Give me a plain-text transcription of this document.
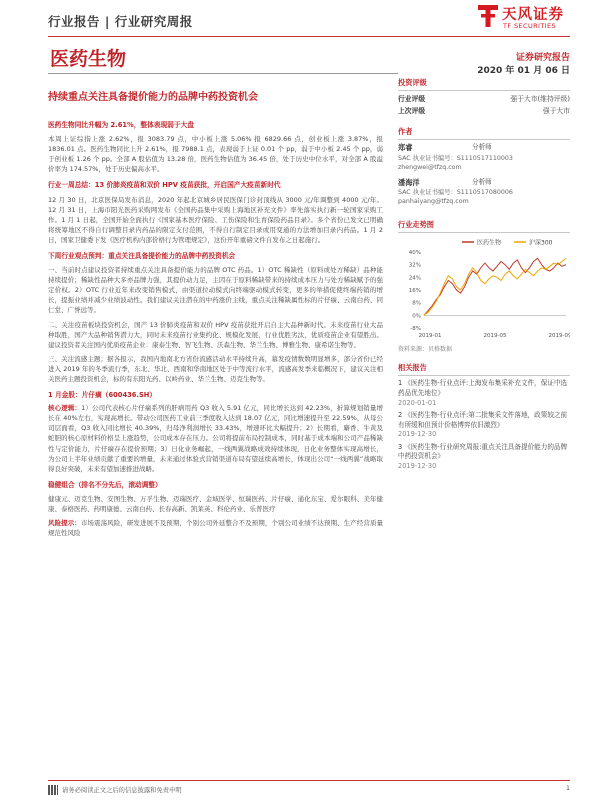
行业报告 | 行业研究周报	天风证券
TF SECURITIES
医药生物	证券研究报告
2020 年 01 月 06 日
持续重点关注具备提价能力的品牌中药投资机会
医药生物同比升幅为 2.61%，整体表现弱于大盘
本周上证综指上涨 2.62%，报 3083.79 点，中小板上涨 5.06% 报 6829.66 点，创业板上涨 3.87%，报 1836.01 点。医药生物同比上升 2.61%，报 7988.1 点，表现弱于上证 0.01 个 pp，弱于中小板 2.45 个 pp，弱于创业板 1.26 个 pp。全部 A 股估值为 13.28 倍，医药生物估值为 36.45 倍，处于历史中位水平，对全部 A 股溢价率为 174.57%，处于历史偏高水平。
行业一周总结：13 价肺炎疫苗和双价 HPV 疫苗获批，开启国产大疫苗新时代
12 月 30 日，北京医保局发布消息，2020 年起北京城乡居民医保门诊封顶线从 3000 元/年调整到 4000 元/年。12 月 31 日，上海市阳光医药采购网发布《全国药品集中采购上海地区补充文件》率先落实执行新一轮国家采购工作。1 月 1 日起，全国开始全面执行《国家基本医疗保险、工伤保险和生育保险药品目录》。多个省份已发文已明确将统筹地区不得自行调整目录内药品的限定支付范围，不得自行制定目录或用变通的方法增加目录内药品。1 月 2 日，国家卫健委下发《医疗机构内部价格行为管理规定》，这份开年重磅文件自发布之日起施行。
下周行业观点预判：重点关注具备提价能力的品牌中药投资机会
一、当前时点建议投资者持续重点关注具备提价能力的品牌 OTC 药品。1）OTC 稀缺性（原料或处方稀缺）品种能持续提价；稀缺性品种大多亦品牌力强，其提价动力足，主因在于原料稀缺带来的持续成本压力与处方稀缺赋予的强定价权。2）OTC 行业近年来改变销售模式，由渠道拉动模式向终端驱动模式转变，更多的举措促使终端药销的增长，提振业绩并减少业绩波动性。我们建议关注潜在的中药涨价主线，重点关注稀缺属性标的片仔癀、云南白药、同仁堂、广誉远等。
二、关注疫苗板块投资机会，国产 13 价肺炎疫苗和双价 HPV 疫苗获批开启自主大品种新时代。未来疫苗行业大品种取胜，国产大品种销售潜力大，同时未来疫苗行业集约化、规模化发展，行业优胜劣汰，优质疫苗企业有望胜出。建议投资者关注国内优质疫苗企业：康泰生物、智飞生物、沃森生物、华兰生物、博雅生物、康希诺生物等。
三、关注流感主题；据各报示，我国内地南北方省份流感活动水平持续升高，幕发疫情数数明显增多，部分省份已经进入 2019 年的冬季流行季，东北、华北、西南和华南地区处于中等流行水平，流感高发季来临概况下，建议关注相关医药主题投资机会，标的有东阳光药、以岭药业、华兰生物、迈克生物等。
1 月金股：片仔癀（600436.SH）
核心逻辑：1）公司代表核心片仔癀系列的肝病用药 Q3 收入 5.91 亿元，同比增长达到 42.23%，折算规划销量增长在 40%左右，实现高增长。带动公司医药工业前三季度收入达到 18.07 亿元，同比增速提升至 22.59%，从母公司层面看，Q3 收入同比增长 40.39%，归母净利润增长 33.43%，增速环比大幅提升；2）长期看，麝香、牛黄及蛇胆的核心原材料价格呈上涨趋势，公司成本存在压力。公司将提前布局控制成本，同时基于成本端和公司产品稀缺性与定价能力，片仔癀存在提价预期；3）日化业务崛起，一线两翼战略成效持续体现，日化业务整体实现高增长，为公司上半年业绩贡献了重要的增量，未来通过体验式营销渠道布局有望延续高增长，体现出公司“一线两翼”战略取得良好突破，未来有望加速推进战略。
稳健组合（排名不分先后，滚动调整）
健康元、迈克生物、安图生物、万孚生物、迈瑞医疗、金域医学、恒瑞医药、片仔癀、通化东宝、爱尔眼科、美年健康、泰格医药、药明康德、云南白药、长春高新、凯莱英、科伦药业、乐普医疗
风险提示：市场震荡风险，研发进展不及预期，个别公司外延整合不及预期，个别公司业绩不达预期、生产经营质量规范性风险
投资评级
行业评级	强于大市(维持评级)
上次评级	强于大市
作者
郑睿	分析师
SAC 执业证书编号：S1110517110003
zhengwei@tfzq.com
潘海洋	分析师
SAC 执业证书编号：S1110517080006
panhaiyang@tfzq.com
行业走势图
医药生物	沪深300
40%
32%
24%
16%
8%
0%
-8%
2019-01	2019-05	2019-09
资料来源：贝格数据
相关报告
1 《医药生物-行业点评:上海发布集采补充文件，保证中选药品优先地位》
2020-01-01
2 《医药生物-行业点评:第二批集采文件落地，政策较之前有所缓和但预计价格博弈依旧激烈》
2019-12-30
3 《医药生物-行业研究周报:重点关注具备提价能力的品牌中药投资机会》
2019-12-30
请务必阅读正文之后的信息披露和免责申明	1
